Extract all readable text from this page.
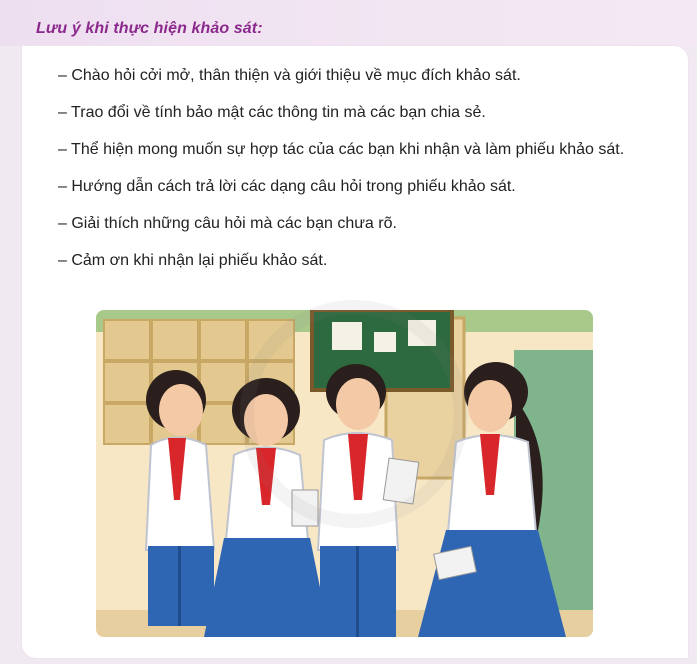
Lưu ý khi thực hiện khảo sát:
– Chào hỏi cởi mở, thân thiện và giới thiệu về mục đích khảo sát.
– Trao đổi về tính bảo mật các thông tin mà các bạn chia sẻ.
– Thể hiện mong muốn sự hợp tác của các bạn khi nhận và làm phiếu khảo sát.
– Hướng dẫn cách trả lời các dạng câu hỏi trong phiếu khảo sát.
– Giải thích những câu hỏi mà các bạn chưa rõ.
– Cảm ơn khi nhận lại phiếu khảo sát.
